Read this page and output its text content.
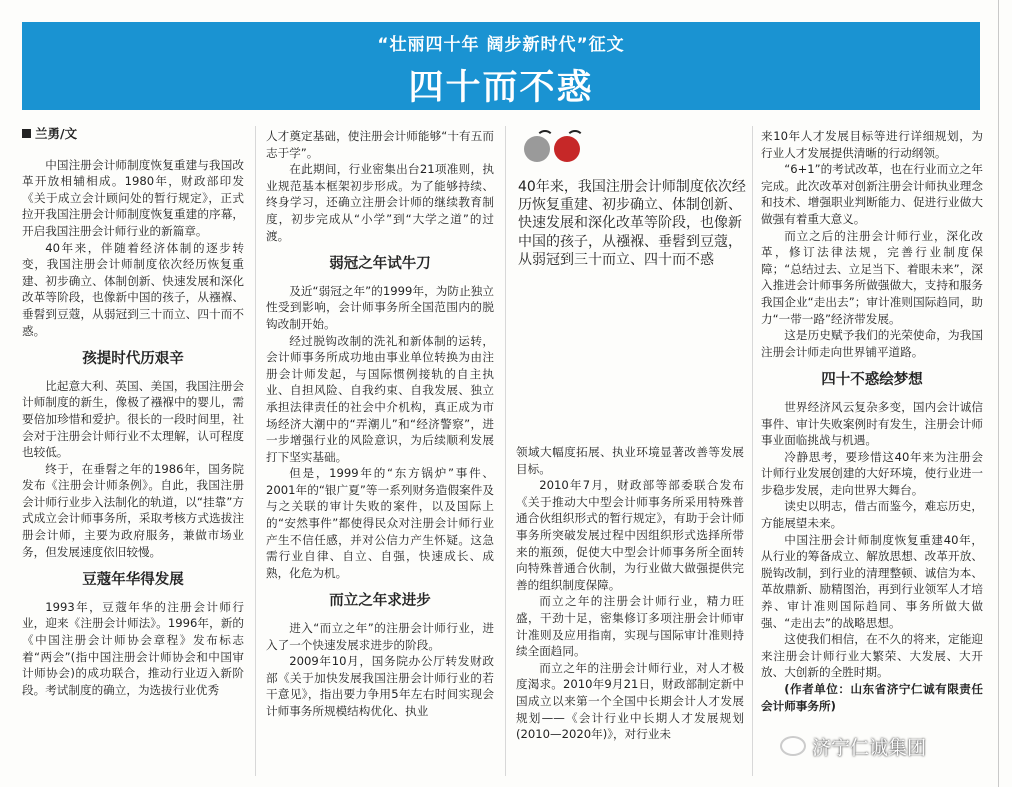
“壮丽四十年 阔步新时代”征文
四十而不惑
兰勇/文

中国注册会计师制度恢复重建与我国改革开放相辅相成。1980年，财政部印发《关于成立会计顾问处的暂行规定》，正式拉开我国注册会计师制度恢复重建的序幕，开启我国注册会计师行业的新篇章。

40年来，伴随着经济体制的逐步转变，我国注册会计师制度依次经历恢复重建、初步确立、体制创新、快速发展和深化改革等阶段，也像新中国的孩子，从襁褓、垂髫到豆蔻，从弱冠到三十而立、四十而不惑。

孩提时代历艰辛

比起意大利、英国、美国，我国注册会计师制度的新生，像极了襁褓中的婴儿，需要倍加珍惜和爱护。很长的一段时间里，社会对于注册会计师行业不太理解，认可程度也较低。

终于，在垂髫之年的1986年，国务院发布《注册会计师条例》。自此，我国注册会计师行业步入法制化的轨道，以“挂靠”方式成立会计师事务所，采取考核方式选拔注册会计师，主要为政府服务，兼做市场业务，但发展速度依旧较慢。

豆蔻年华得发展

1993年，豆蔻年华的注册会计师行业，迎来《注册会计师法》。1996年，新的《中国注册会计师协会章程》发布标志着“两会”(指中国注册会计师协会和中国审计师协会)的成功联合，推动行业迈入新阶段。考试制度的确立，为选拔行业优秀

人才奠定基础，使注册会计师能够“十有五而志于学”。

在此期间，行业密集出台21项准则，执业规范基本框架初步形成。为了能够持续、终身学习，还确立注册会计师的继续教育制度，初步完成从“小学”到“大学之道”的过渡。

弱冠之年试牛刀

及近“弱冠之年”的1999年，为防止独立性受到影响，会计师事务所全国范围内的脱钩改制开始。

经过脱钩改制的洗礼和新体制的运转，会计师事务所成功地由事业单位转换为由注册会计师发起，与国际惯例接轨的自主执业、自担风险、自我约束、自我发展、独立承担法律责任的社会中介机构，真正成为市场经济大潮中的“弄潮儿”和“经济警察”，进一步增强行业的风险意识，为后续顺利发展打下坚实基础。

但是，1999年的“东方锅炉”事件、2001年的“银广夏”等一系列财务造假案件及与之关联的审计失败的案件，以及国际上的“安然事件”都使得民众对注册会计师行业产生不信任感，并对公信力产生怀疑。这急需行业自律、自立、自强，快速成长、成熟，化危为机。

而立之年求进步

进入“而立之年”的注册会计师行业，进入了一个快速发展求进步的阶段。

2009年10月，国务院办公厅转发财政部《关于加快发展我国注册会计师行业的若干意见》，指出要力争用5年左右时间实现会计师事务所规模结构优化、执业

40年来，我国注册会计师制度依次经历恢复重建、初步确立、体制创新、快速发展和深化改革等阶段，也像新中国的孩子，从襁褓、垂髫到豆蔻，从弱冠到三十而立、四十而不惑

领域大幅度拓展、执业环境显著改善等发展目标。

2010年7月，财政部等部委联合发布《关于推动大中型会计师事务所采用特殊普通合伙组织形式的暂行规定》，有助于会计师事务所突破发展过程中因组织形式选择所带来的瓶颈，促使大中型会计师事务所全面转向特殊普通合伙制，为行业做大做强提供完善的组织制度保障。

而立之年的注册会计师行业，精力旺盛，干劲十足，密集修订多项注册会计师审计准则及应用指南，实现与国际审计准则持续全面趋同。

而立之年的注册会计师行业，对人才极度渴求。2010年9月21日，财政部制定新中国成立以来第一个全国中长期会计人才发展规划——《会计行业中长期人才发展规划(2010—2020年)》，对行业未

来10年人才发展目标等进行详细规划，为行业人才发展提供清晰的行动纲领。

“6+1”的考试改革，也在行业而立之年完成。此次改革对创新注册会计师执业理念和技术、增强职业判断能力、促进行业做大做强有着重大意义。

而立之后的注册会计师行业，深化改革，修订法律法规，完善行业制度保障；“总结过去、立足当下、着眼未来”，深入推进会计师事务所做强做大，支持和服务我国企业“走出去”；审计准则国际趋同，助力“一带一路”经济带发展。

这是历史赋予我们的光荣使命，为我国注册会计师走向世界铺平道路。

四十不惑绘梦想

世界经济风云复杂多变，国内会计诚信事件、审计失败案例时有发生，注册会计师事业面临挑战与机遇。

冷静思考，要珍惜这40年来为注册会计师行业发展创建的大好环境，使行业进一步稳步发展，走向世界大舞台。

读史以明志，借古而鉴今，难忘历史，方能展望未来。

中国注册会计师制度恢复重建40年，从行业的筹备成立、解放思想、改革开放、脱钩改制，到行业的清理整顿、诚信为本、革故鼎新、励精图治，再到行业领军人才培养、审计准则国际趋同、事务所做大做强、“走出去”的战略思想。

这使我们相信，在不久的将来，定能迎来注册会计师行业大繁荣、大发展、大开放、大创新的全胜时期。

(作者单位：山东省济宁仁诚有限责任会计师事务所)

济宁仁诚集团
